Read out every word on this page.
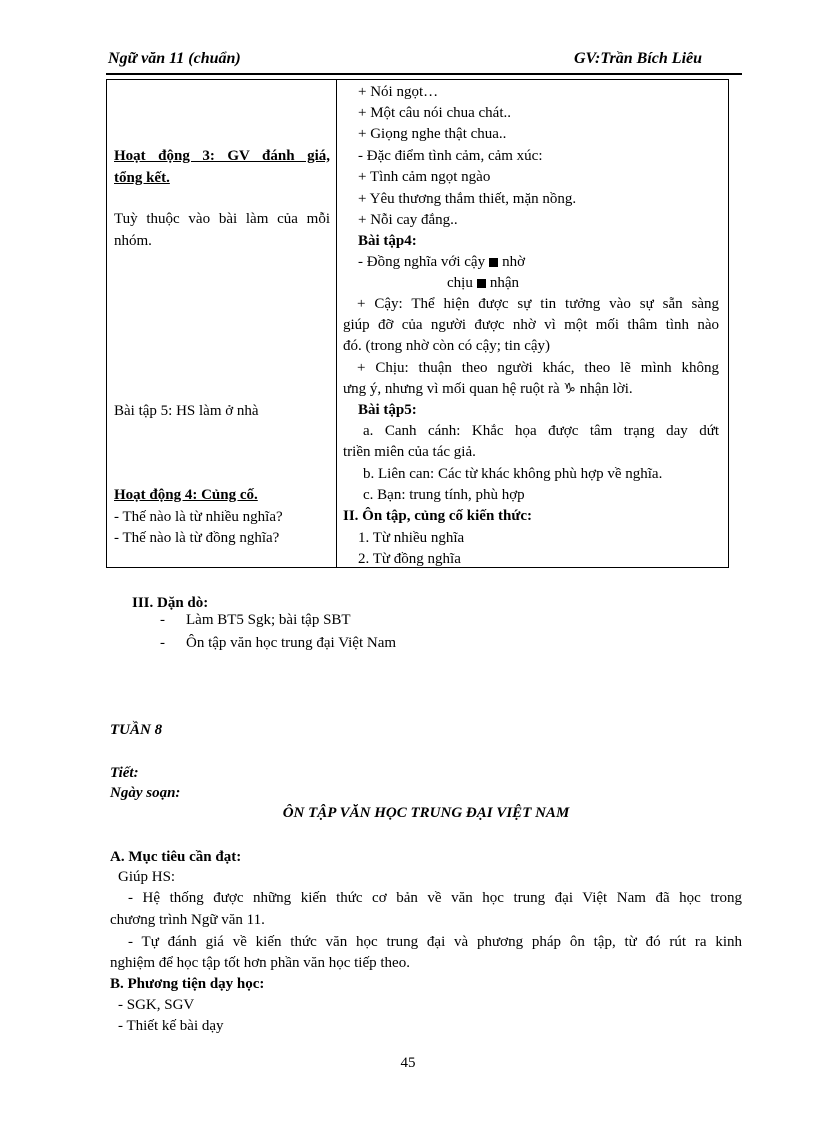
Ngữ văn 11 (chuẩn)	GV:Trần Bích Liêu
Hoạt động 3: GV đánh giá,
tổng kết.
Tuỳ thuộc vào bài làm của mỗi
nhóm.
Bài tập 5: HS làm ở nhà
Hoạt động 4: Củng cố.
- Thế nào là từ nhiều nghĩa?
- Thế nào là từ đồng nghĩa?
+ Nói ngọt…
+ Một câu nói chua chát..
+ Giọng nghe thật chua..
- Đặc điểm tình cảm, cảm xúc:
+ Tình cảm ngọt ngào
+ Yêu thương thắm thiết, mặn nồng.
+ Nỗi cay đắng..
Bài tập4:
- Đồng nghĩa với cậy nhờ
chịu nhận
+ Cậy: Thể hiện được sự tin tưởng vào sự sẵn sàng
giúp đỡ của người được nhờ vì một mối thâm tình nào
đó. (trong nhờ còn có cậy; tin cậy)
+ Chịu: thuận theo người khác, theo lẽ mình không
ưng ý, nhưng vì mối quan hệ ruột rà ♑ nhận lời.
Bài tập5:
a. Canh cánh: Khắc họa được tâm trạng day dứt
triền miên của tác giả.
b. Liên can: Các từ khác không phù hợp về nghĩa.
c. Bạn: trung tính, phù hợp
II. Ôn tập, củng cố kiến thức:
1. Từ nhiều nghĩa
2. Từ đồng nghĩa
III. Dặn dò:
- Làm BT5 Sgk; bài tập SBT
- Ôn tập văn học trung đại Việt Nam
TUẦN 8
Tiết:
Ngày soạn:
ÔN TẬP VĂN HỌC TRUNG ĐẠI VIỆT NAM
A. Mục tiêu cần đạt:
Giúp HS:
- Hệ thống được những kiến thức cơ bản về văn học trung đại Việt Nam đã học trong
chương trình Ngữ văn 11.
- Tự đánh giá về kiến thức văn học trung đại và phương pháp ôn tập, từ đó rút ra kinh
nghiệm để học tập tốt hơn phần văn học tiếp theo.
B. Phương tiện dạy học:
- SGK, SGV
- Thiết kế bài dạy
45
